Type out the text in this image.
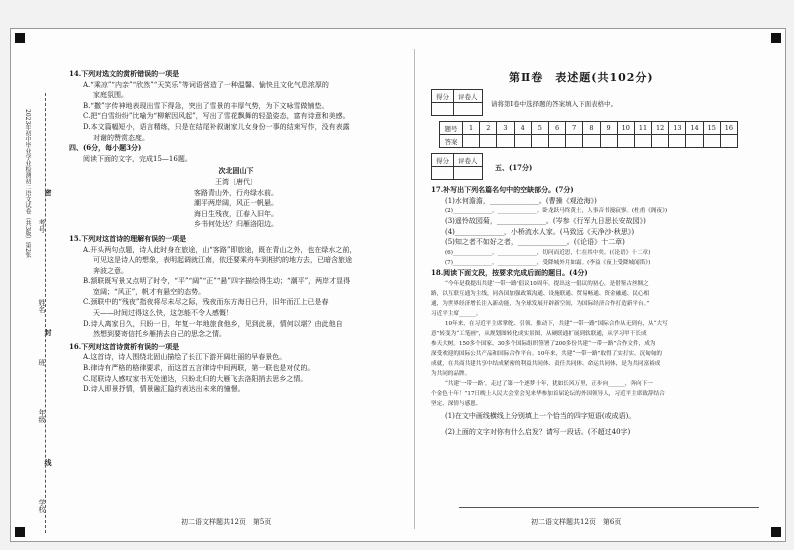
2023年初中毕业学业检测初二语文试卷（共3版）第2张 考号
姓名
班
年级
学校
密
封
线

14.下列对选文的赏析错误的一项是

A.“乘凉”“内亲”“欣然”“天笑乐”等词语营造了一种温馨、愉快且文化气息浓厚的

家庭氛围。

B.“撒”字传神地表现出雪下得急，突出了雪景的丰厚气势，为下文咏雪做铺垫。

C.把“白雪纷纷”比喻为“柳絮因风起”，写出了雪花飘舞的轻盈姿态，富有诗意和美感。

D.本文篇幅短小，语言精练，只是在结尾补叙谢家儿女身份一事的结束写作，没有表露

对谢的赞赏态度。

四、(6分，每小题3分)

阅读下面的文字，完成15—16题。

次北固山下

王湾〔唐代〕

客路青山外，行舟绿水前。

潮平两岸阔，风正一帆悬。

海日生残夜，江春入旧年。

乡书何处达？归雁洛阳边。

15.下列对这首诗的理解有误的一项是

A.开头两句点题，诗人此时身在旅途，山“客路”即旅途，既在青山之外，也在绿水之前，

可见这是诗人的想象，表明起调就江南，依还要乘舟车到相约的地方去，已暗含旅途

奔波之意。

B.颔联既写景又点明了时令，“平”“阔”“正”“悬”四字描绘得生动；“潮平”，两岸才显得

宽阔；“风正”，帆才有悬空的态势。

C.颈联中的“残夜”指夜将尽未尽之际，残夜而东方海日已升，旧年而江上已是春

天——时间过得这么快，这怎能不令人感慨！

D.诗人离家日久，只盼一日，年复一年地旅食他乡，见到此景，情何以堪？由此他自

然想到要寄信托乡雁捎去自己的思念之情。

16.下列对这首诗赏析有误的一项是

A.这首诗，诗人围绕北固山描绘了长江下游开阔壮丽的早春景色。

B.律诗有严格的格律要求，而这首五言律诗中间两联，第一联也是对仗的。

C.尾联诗人感叹家书无处递达，只盼北归的大雁飞去洛阳捎去思乡之情。

D.诗人即景抒情，情景融汇隐约表达出未来的憧憬。

初二语文样题共12页　第5页
第Ⅱ卷　表述题(共102分)
得分	评卷人

请将第Ⅰ卷中选择题的答案填入下面表格中。
题号	1	2	3	4	5	6	7	8	9	10	11	12	13	14	15	16
答案																
得分	评卷人

五、(17分)

17.补写出下列名篇名句中的空缺部分。(7分)

(1)水何澹澹，______________。(曹操《观沧海》)

(2)______________，______________。卧龙跃马终黄土，人事音书漫寂寥。(杜甫《阁夜》)

(3)遥怜故园菊，______________。(岑参《行军九日思长安故园》)

(4)______________，小桥流水人家。(马致远《天净沙·秋思》)

(5)知之者不如好之者，______________。(《论语》十二章)

(6)______________，______________，切问而近思，仁在其中矣。(《论语》十二章)

(7)______________，______________，受降城外月如霜。(李益《夜上受降城闻笛》)

18.阅读下面文段，按要求完成后面的题目。(4分)

“今年是我提出共建‘一带一路’倡议10周年。提出这一倡议的初心，是借鉴古丝绸之

路，以互联互通为主线，同各国加强政策沟通、设施联通、贸易畅通、资金融通、民心相

通，为世界经济增长注入新动能，为全球发展开辟新空间，为国际经济合作打造新平台。”

习近平主席______。

10年来，在习近平主席掌舵、引领、推动下，共建“一带一路”国际合作从无到有，从“大写

意”转变为“工笔画”，从规划图转化成实景图，从硬联通扩展到软联通，从学习甲干长成

参天大树。150多个国家、30多个国际组织签署了200多份共建“一带一路”合作文件，成为

深受欢迎的国际公共产品和国际合作平台。10年来，共建“一带一路”取得了实打实、沉甸甸的

成就，在共商共建共享中结成紧密的利益共同体、责任共同体、命运共同体，是为共同富裕成

为共同的品牌。

“共建‘一带一路’，走过了第一个逐梦十年，犹如长风万里，正步向______，奔向下一

个金色十年！”17日晚上人民大会堂会见来华参加首届论坛的外国领导人，习近平主席致辞结合

坚定、深情与感恩。

(1)在文中画线横线上分别填上一个恰当的四字短语(或成语)。

(2)上面的文字对你有什么启发？请写一段话。(不超过40字)

初二语文样题共12页　第6页
